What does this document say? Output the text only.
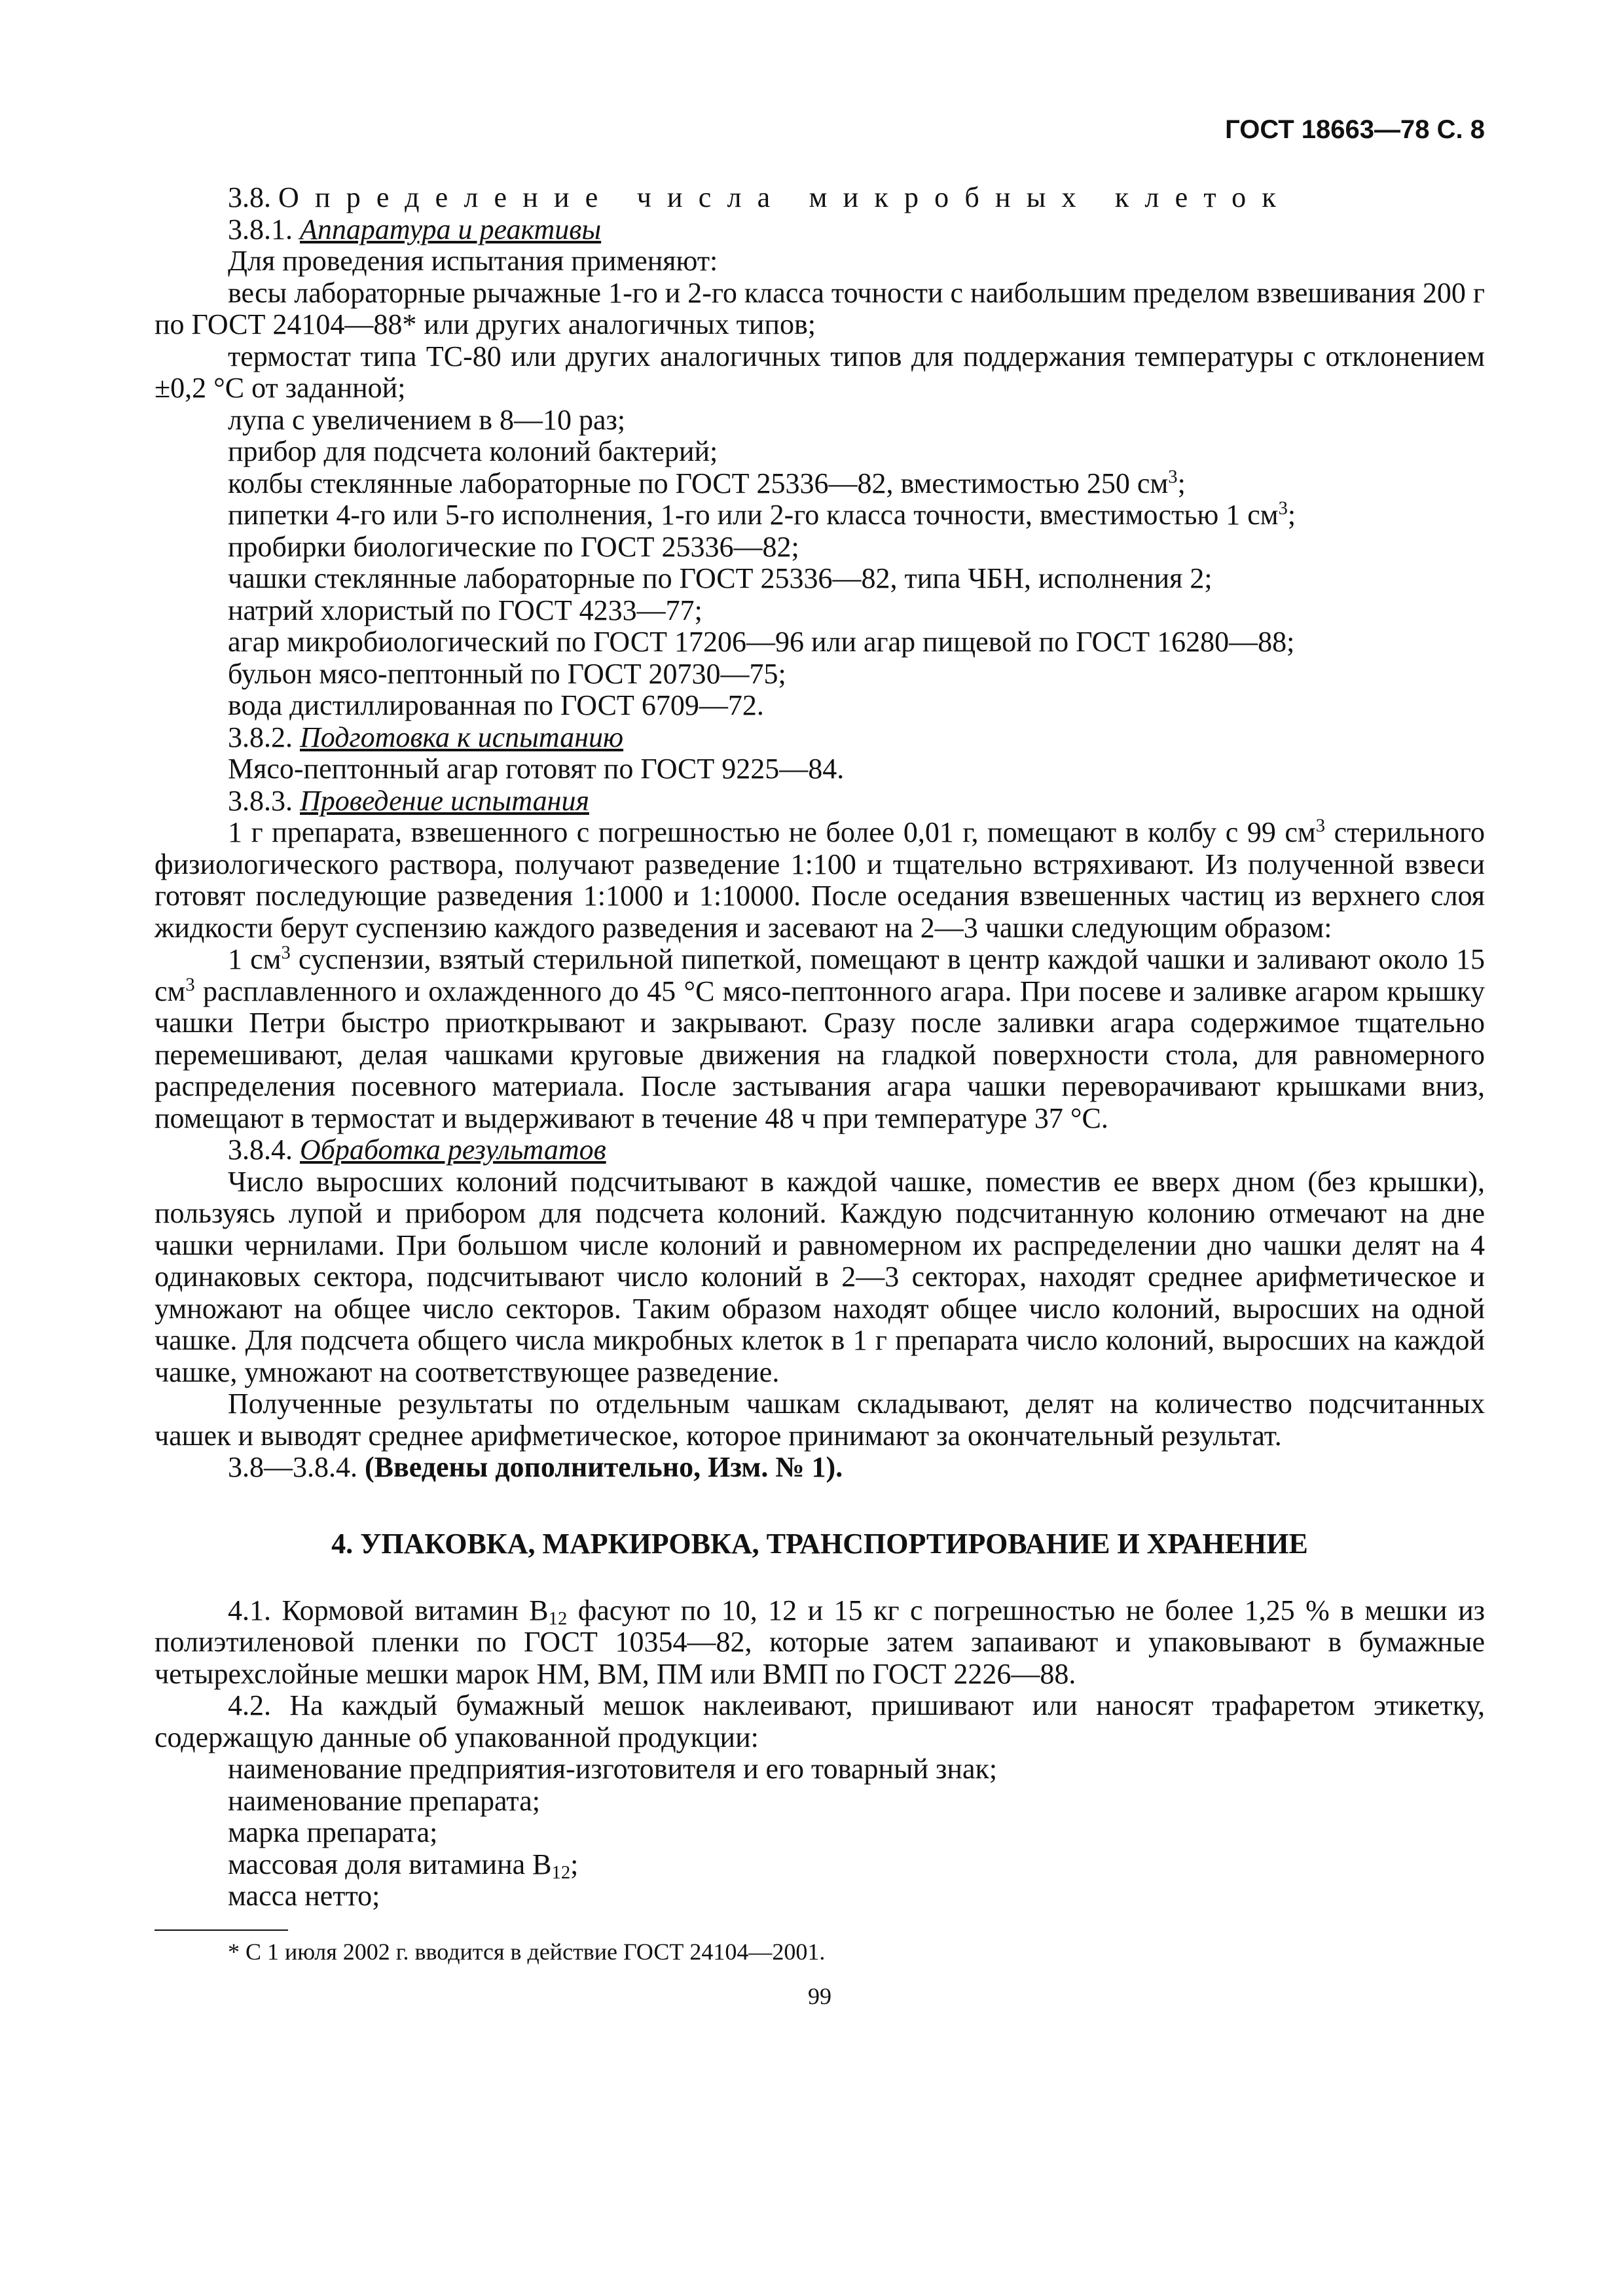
ГОСТ 18663—78 С. 8

3.8. Определение числа микробных клеток

3.8.1. Аппаратура и реактивы

Для проведения испытания применяют:

весы лабораторные рычажные 1-го и 2-го класса точности с наибольшим пределом взвешивания 200 г по ГОСТ 24104—88* или других аналогичных типов;

термостат типа ТС-80 или других аналогичных типов для поддержания температуры с отклонением ±0,2 °С от заданной;

лупа с увеличением в 8—10 раз;

прибор для подсчета колоний бактерий;

колбы стеклянные лабораторные по ГОСТ 25336—82, вместимостью 250 $см^3$;

пипетки 4-го или 5-го исполнения, 1-го или 2-го класса точности, вместимостью 1 $см^3$;

пробирки биологические по ГОСТ 25336—82;

чашки стеклянные лабораторные по ГОСТ 25336—82, типа ЧБН, исполнения 2;

натрий хлористый по ГОСТ 4233—77;

агар микробиологический по ГОСТ 17206—96 или агар пищевой по ГОСТ 16280—88;

бульон мясо-пептонный по ГОСТ 20730—75;

вода дистиллированная по ГОСТ 6709—72.

3.8.2. Подготовка к испытанию

Мясо-пептонный агар готовят по ГОСТ 9225—84.

3.8.3. Проведение испытания

1 г препарата, взвешенного с погрешностью не более 0,01 г, помещают в колбу с 99 $см^3$ стерильного физиологического раствора, получают разведение 1:100 и тщательно встряхивают. Из полученной взвеси готовят последующие разведения 1:1000 и 1:10000. После оседания взвешенных частиц из верхнего слоя жидкости берут суспензию каждого разведения и засевают на 2—3 чашки следующим образом:

1 $см^3$ суспензии, взятый стерильной пипеткой, помещают в центр каждой чашки и заливают около 15 $см^3$ расплавленного и охлажденного до 45 °С мясо-пептонного агара. При посеве и заливке агаром крышку чашки Петри быстро приоткрывают и закрывают. Сразу после заливки агара содержимое тщательно перемешивают, делая чашками круговые движения на гладкой поверхности стола, для равномерного распределения посевного материала. После застывания агара чашки переворачивают крышками вниз, помещают в термостат и выдерживают в течение 48 ч при температуре 37 °С.

3.8.4. Обработка результатов

Число выросших колоний подсчитывают в каждой чашке, поместив ее вверх дном (без крышки), пользуясь лупой и прибором для подсчета колоний. Каждую подсчитанную колонию отмечают на дне чашки чернилами. При большом числе колоний и равномерном их распределении дно чашки делят на 4 одинаковых сектора, подсчитывают число колоний в 2—3 секторах, находят среднее арифметическое и умножают на общее число секторов. Таким образом находят общее число колоний, выросших на одной чашке. Для подсчета общего числа микробных клеток в 1 г препарата число колоний, выросших на каждой чашке, умножают на соответствующее разведение.

Полученные результаты по отдельным чашкам складывают, делят на количество подсчитанных чашек и выводят среднее арифметическое, которое принимают за окончательный результат.

3.8—3.8.4. (Введены дополнительно, Изм. № 1).

4. УПАКОВКА, МАРКИРОВКА, ТРАНСПОРТИРОВАНИЕ И ХРАНЕНИЕ

4.1. Кормовой витамин $В_{12}$ фасуют по 10, 12 и 15 кг с погрешностью не более 1,25 % в мешки из полиэтиленовой пленки по ГОСТ 10354—82, которые затем запаивают и упаковывают в бумажные четырехслойные мешки марок НМ, ВМ, ПМ или ВМП по ГОСТ 2226—88.

4.2. На каждый бумажный мешок наклеивают, пришивают или наносят трафаретом этикетку, содержащую данные об упакованной продукции:

наименование предприятия-изготовителя и его товарный знак;

наименование препарата;

марка препарата;

массовая доля витамина $В_{12}$;

масса нетто;

* С 1 июля 2002 г. вводится в действие ГОСТ 24104—2001.

99
